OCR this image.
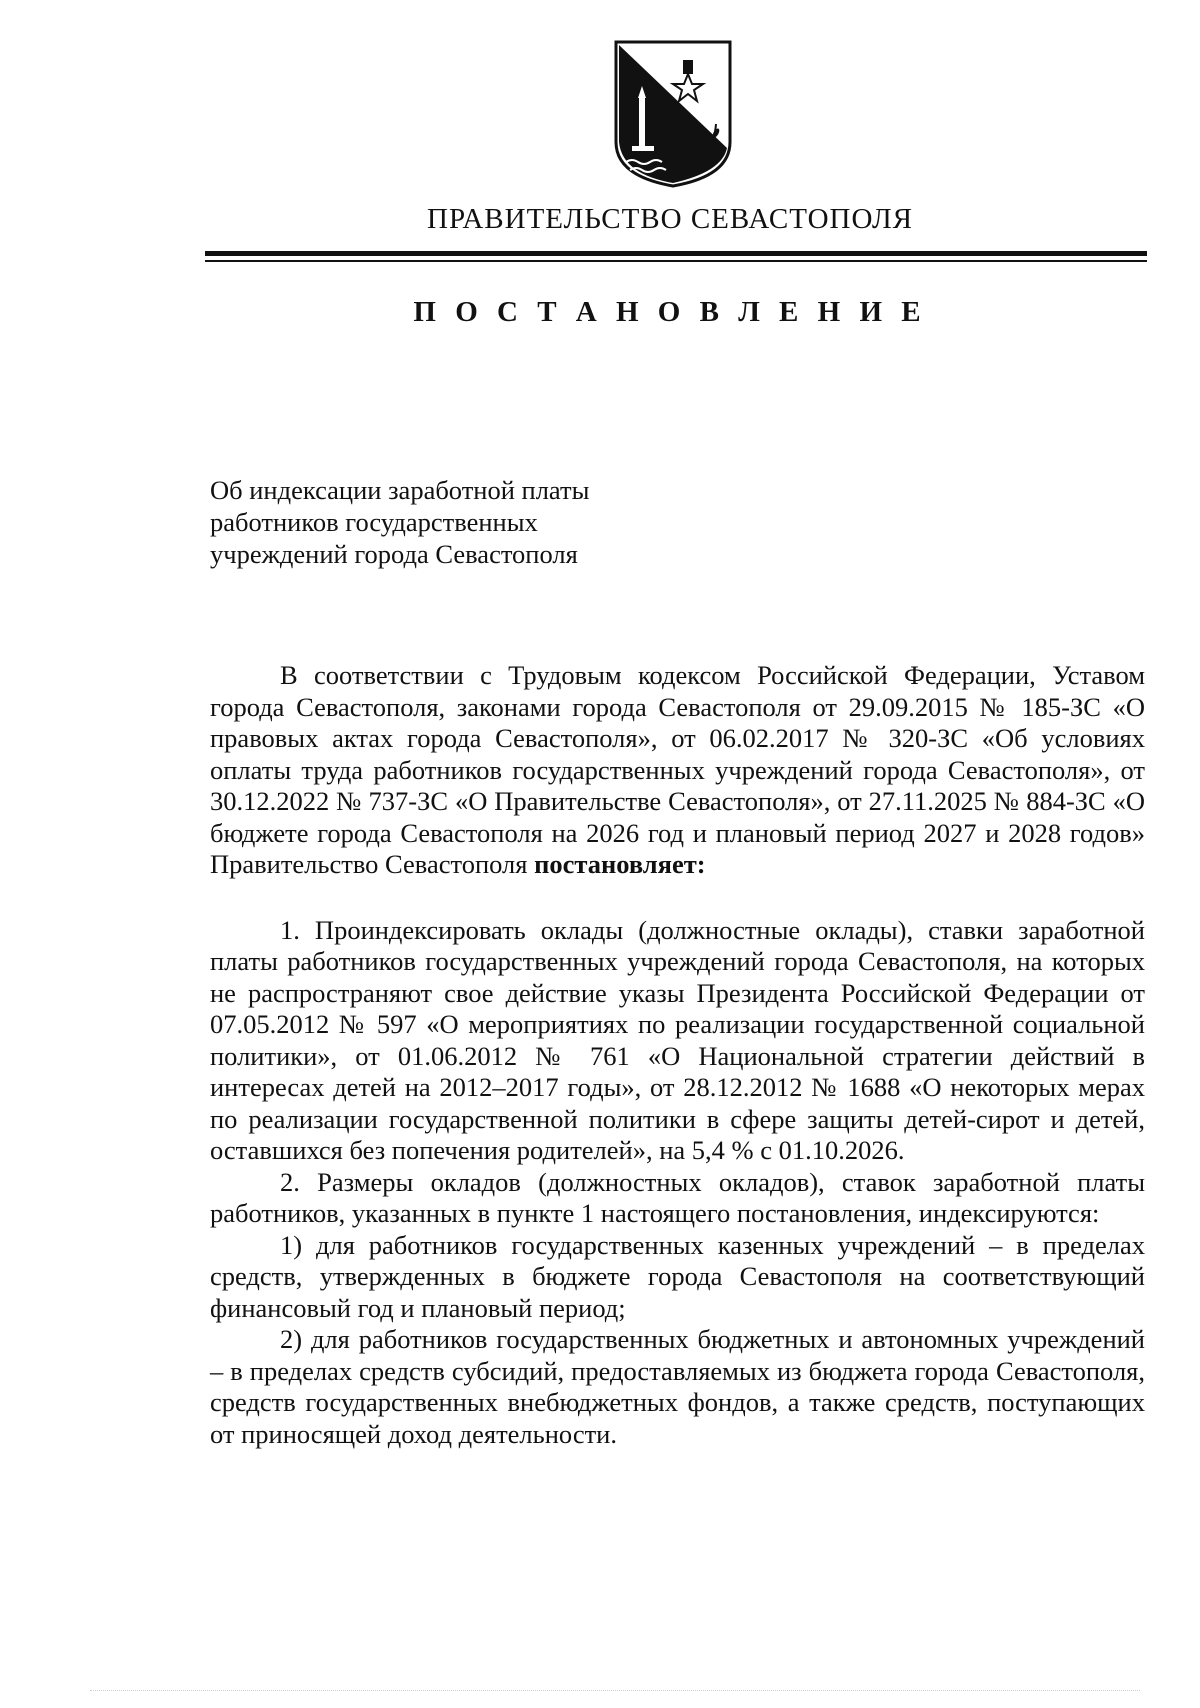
ПРАВИТЕЛЬСТВО СЕВАСТОПОЛЯ
П О С Т А Н О В Л Е Н И Е
Об индексации заработной платы
работников государственных
учреждений города Севастополя
В соответствии с Трудовым кодексом Российской Федерации, Уставом города Севастополя, законами города Севастополя от 29.09.2015 № 185-ЗС «О правовых актах города Севастополя», от 06.02.2017 № 320-ЗС «Об условиях оплаты труда работников государственных учреждений города Севастополя», от 30.12.2022 № 737-ЗС «О Правительстве Севастополя», от 27.11.2025 № 884-ЗС «О бюджете города Севастополя на 2026 год и плановый период 2027 и 2028 годов» Правительство Севастополя постановляет:
1. Проиндексировать оклады (должностные оклады), ставки заработной платы работников государственных учреждений города Севастополя, на которых не распространяют свое действие указы Президента Российской Федерации от 07.05.2012 № 597 «О мероприятиях по реализации государственной социальной политики», от 01.06.2012 № 761 «О Национальной стратегии действий в интересах детей на 2012–2017 годы», от 28.12.2012 № 1688 «О некоторых мерах по реализации государственной политики в сфере защиты детей-сирот и детей, оставшихся без попечения родителей», на 5,4 % с 01.10.2026.
2. Размеры окладов (должностных окладов), ставок заработной платы работников, указанных в пункте 1 настоящего постановления, индексируются:
1) для работников государственных казенных учреждений – в пределах средств, утвержденных в бюджете города Севастополя на соответствующий финансовый год и плановый период;
2) для работников государственных бюджетных и автономных учреждений – в пределах средств субсидий, предоставляемых из бюджета города Севастополя, средств государственных внебюджетных фондов, а также средств, поступающих от приносящей доход деятельности.
